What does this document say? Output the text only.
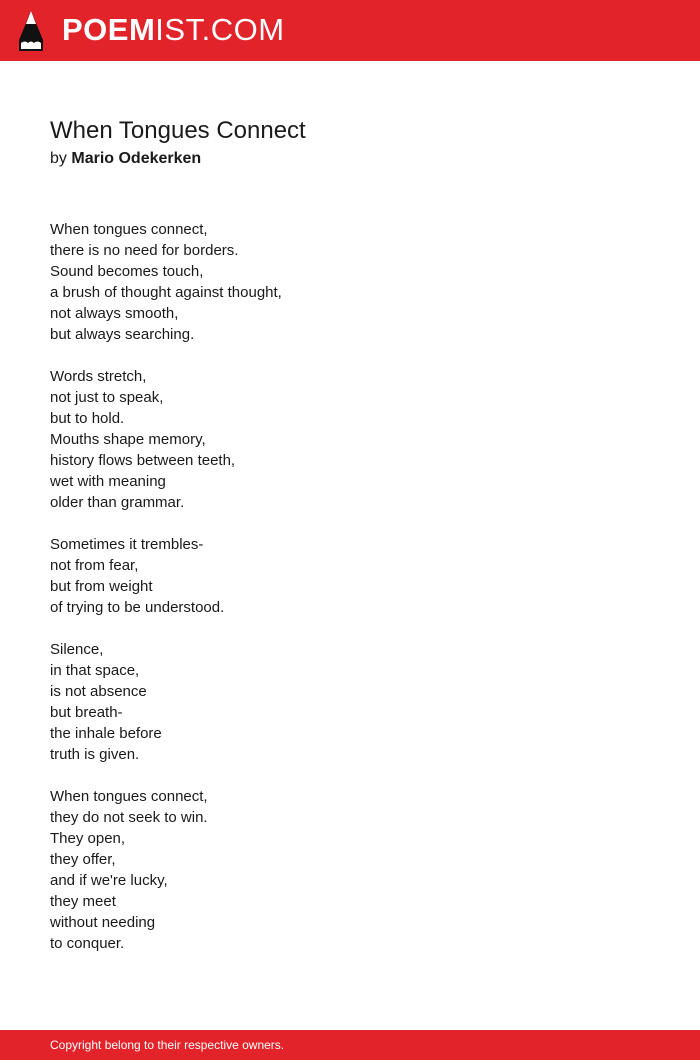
POEMIST.COM
When Tongues Connect
by Mario Odekerken
When tongues connect,
there is no need for borders.
Sound becomes touch,
a brush of thought against thought,
not always smooth,
but always searching.
Words stretch,
not just to speak,
but to hold.
Mouths shape memory,
history flows between teeth,
wet with meaning
older than grammar.
Sometimes it trembles-
not from fear,
but from weight
of trying to be understood.
Silence,
in that space,
is not absence
but breath-
the inhale before
truth is given.
When tongues connect,
they do not seek to win.
They open,
they offer,
and if we're lucky,
they meet
without needing
to conquer.
Copyright belong to their respective owners.
